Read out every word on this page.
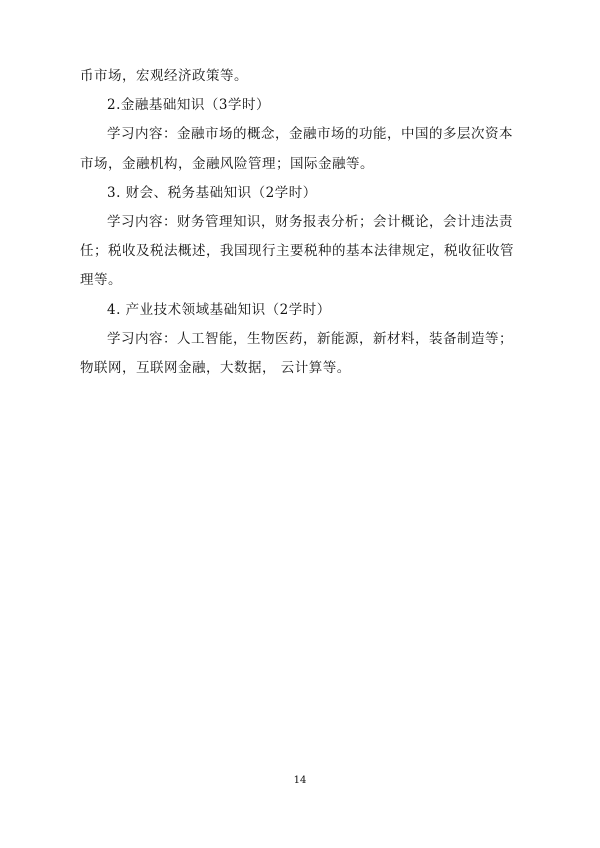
币市场，宏观经济政策等。
2.金融基础知识（3学时）
学习内容：金融市场的概念，金融市场的功能，中国的多层次资本
市场，金融机构，金融风险管理；国际金融等。
3. 财会、税务基础知识（2学时）
学习内容：财务管理知识，财务报表分析；会计概论，会计违法责
任；税收及税法概述，我国现行主要税种的基本法律规定，税收征收管
理等。
4. 产业技术领域基础知识（2学时）
学习内容：人工智能，生物医药，新能源，新材料，装备制造等；
物联网，互联网金融，大数据， 云计算等。
14
